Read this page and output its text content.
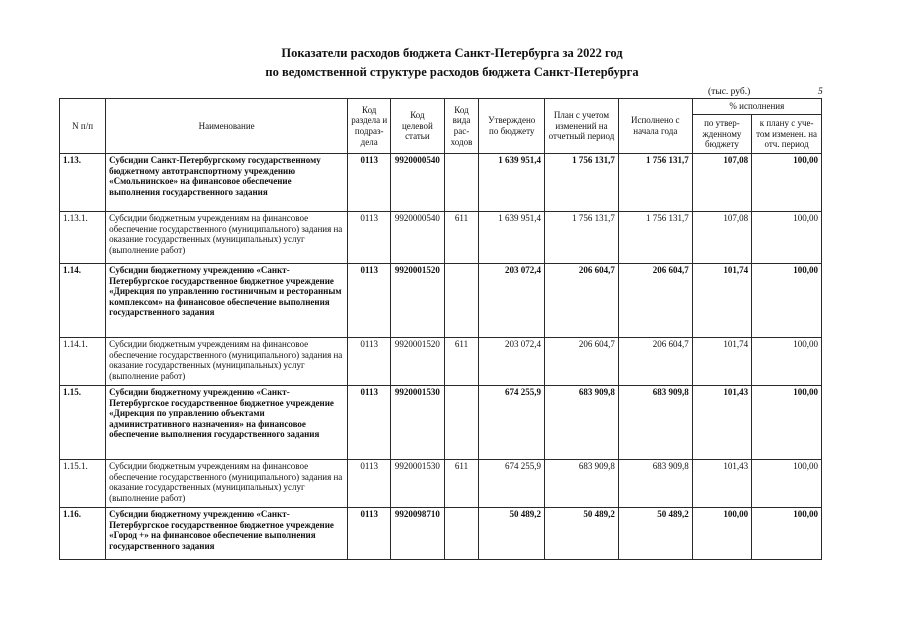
Показатели расходов бюджета Санкт-Петербурга за 2022 год
по ведомственной структуре расходов бюджета Санкт-Петербурга
(тыс. руб.)	5
N п/п	Наименование	Код раздела и подраз-дела	Код целевой статьи	Код вида рас-ходов	Утверждено по бюджету	План с учетом изменений на отчетный период	Исполнено с начала года	% исполнения	
								по утвер-жденному бюджету	к плану с уче-том изменен. на отч. период
1.13.	Субсидии Санкт-Петербургскому государственному бюджетному автотранспортному учреждению «Смольнинское» на финансовое обеспечение выполнения государственного задания	0113	9920000540		1 639 951,4	1 756 131,7	1 756 131,7	107,08	100,00
1.13.1.	Субсидии бюджетным учреждениям на финансовое обеспечение государственного (муниципального) задания на оказание государственных (муниципальных) услуг (выполнение работ)	0113	9920000540	611	1 639 951,4	1 756 131,7	1 756 131,7	107,08	100,00
1.14.	Субсидии бюджетному учреждению «Санкт-Петербургское государственное бюджетное учреждение «Дирекция по управлению гостиничным и ресторанным комплексом» на финансовое обеспечение выполнения государственного задания	0113	9920001520		203 072,4	206 604,7	206 604,7	101,74	100,00
1.14.1.	Субсидии бюджетным учреждениям на финансовое обеспечение государственного (муниципального) задания на оказание государственных (муниципальных) услуг (выполнение работ)	0113	9920001520	611	203 072,4	206 604,7	206 604,7	101,74	100,00
1.15.	Субсидии бюджетному учреждению «Санкт-Петербургское государственное бюджетное учреждение «Дирекция по управлению объектами административного назначения» на финансовое обеспечение выполнения государственного задания	0113	9920001530		674 255,9	683 909,8	683 909,8	101,43	100,00
1.15.1.	Субсидии бюджетным учреждениям на финансовое обеспечение государственного (муниципального) задания на оказание государственных (муниципальных) услуг (выполнение работ)	0113	9920001530	611	674 255,9	683 909,8	683 909,8	101,43	100,00
1.16.	Субсидии бюджетному учреждению «Санкт-Петербургское государственное бюджетное учреждение «Город +» на финансовое обеспечение выполнения государственного задания	0113	9920098710		50 489,2	50 489,2	50 489,2	100,00	100,00
